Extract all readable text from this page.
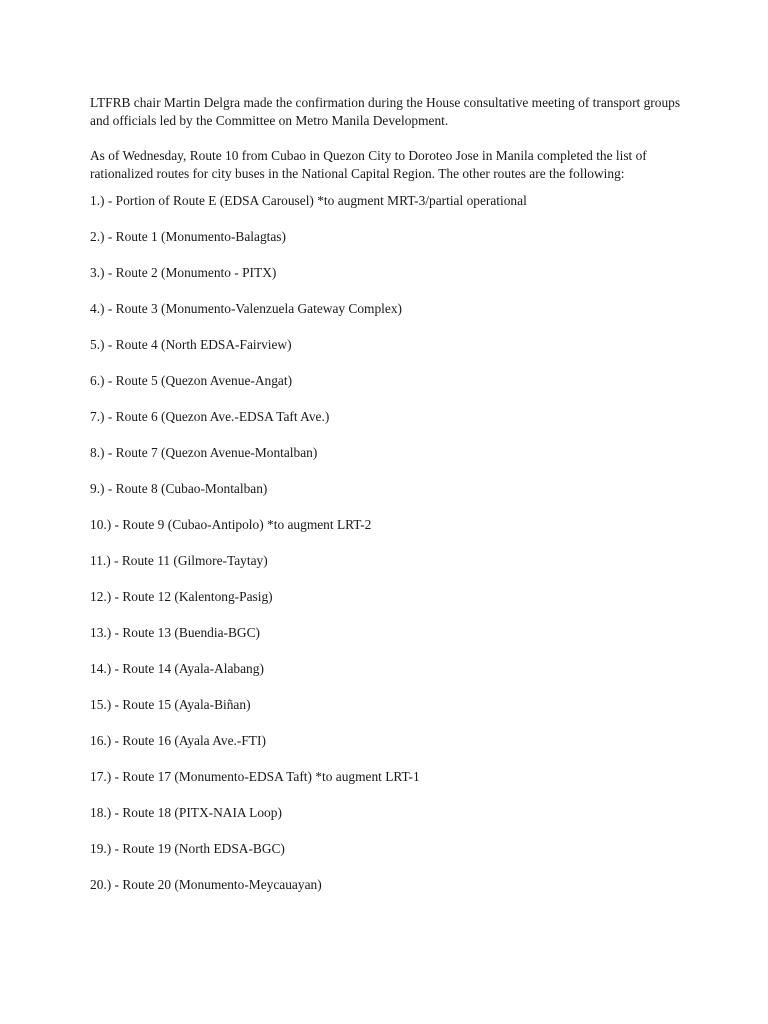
LTFRB chair Martin Delgra made the confirmation during the House consultative meeting of transport groups and officials led by the Committee on Metro Manila Development.

As of Wednesday, Route 10 from Cubao in Quezon City to Doroteo Jose in Manila completed the list of rationalized routes for city buses in the National Capital Region. The other routes are the following:

1.) - Portion of Route E (EDSA Carousel) *to augment MRT-3/partial operational
2.) - Route 1 (Monumento-Balagtas)
3.) - Route 2 (Monumento - PITX)
4.) - Route 3 (Monumento-Valenzuela Gateway Complex)
5.) - Route 4 (North EDSA-Fairview)
6.) - Route 5 (Quezon Avenue-Angat)
7.) - Route 6 (Quezon Ave.-EDSA Taft Ave.)
8.) - Route 7 (Quezon Avenue-Montalban)
9.) - Route 8 (Cubao-Montalban)
10.) - Route 9 (Cubao-Antipolo) *to augment LRT-2
11.) - Route 11 (Gilmore-Taytay)
12.) - Route 12 (Kalentong-Pasig)
13.) - Route 13 (Buendia-BGC)
14.) - Route 14 (Ayala-Alabang)
15.) - Route 15 (Ayala-Biñan)
16.) - Route 16 (Ayala Ave.-FTI)
17.) - Route 17 (Monumento-EDSA Taft) *to augment LRT-1
18.) - Route 18 (PITX-NAIA Loop)
19.) - Route 19 (North EDSA-BGC)
20.) - Route 20 (Monumento-Meycauayan)
